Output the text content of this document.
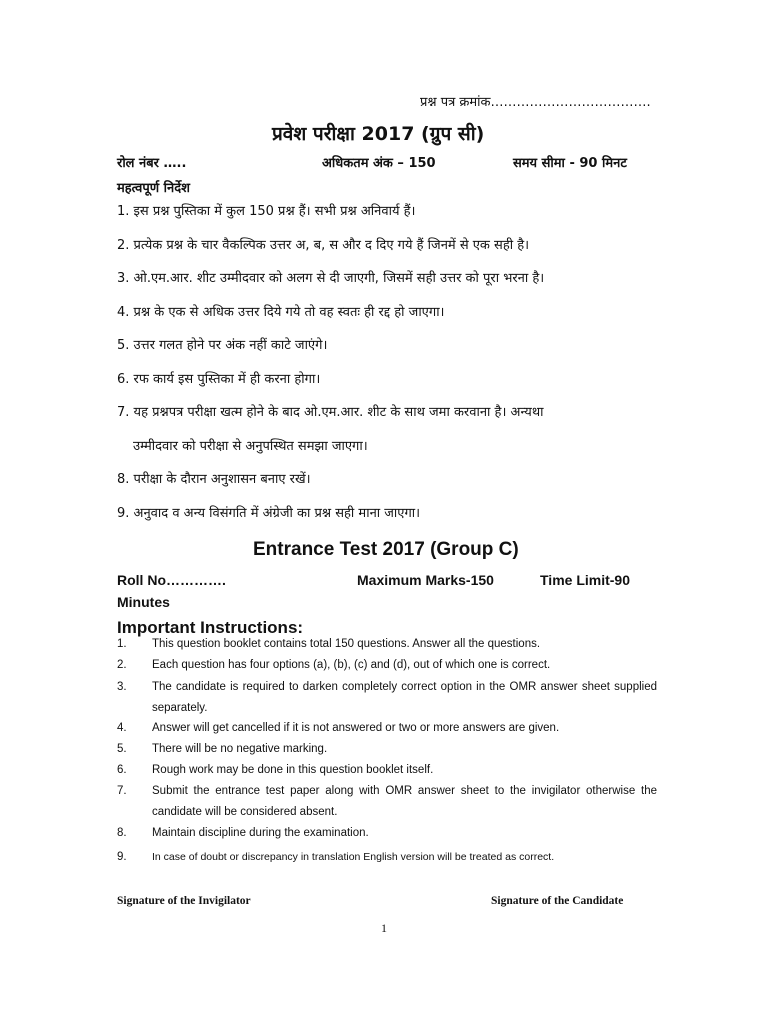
प्रश्न पत्र क्रमांक……………………………….
प्रवेश परीक्षा 2017 (ग्रुप सी)
रोल नंबर …..	अधिकतम अंक – 150	समय सीमा - 90 मिनट
महत्वपूर्ण निर्देश
1. इस प्रश्न पुस्तिका में कुल 150 प्रश्न हैं। सभी प्रश्न अनिवार्य हैं।
2. प्रत्येक प्रश्न के चार वैकल्पिक उत्तर अ, ब, स और द दिए गये हैं जिनमें से एक सही है।
3. ओ.एम.आर. शीट उम्मीदवार को अलग से दी जाएगी, जिसमें सही उत्तर को पूरा भरना है।
4. प्रश्न के एक से अधिक उत्तर दिये गये तो वह स्वतः ही रद्द हो जाएगा।
5. उत्तर गलत होने पर अंक नहीं काटे जाएंगे।
6. रफ कार्य इस पुस्तिका में ही करना होगा।
7. यह प्रश्नपत्र परीक्षा खत्म होने के बाद ओ.एम.आर. शीट के साथ जमा करवाना है। अन्यथा
उम्मीदवार को परीक्षा से अनुपस्थित समझा जाएगा।
8. परीक्षा के दौरान अनुशासन बनाए रखें।
9. अनुवाद व अन्य विसंगति में अंग्रेजी का प्रश्न सही माना जाएगा।
Entrance Test 2017 (Group C)
Roll No………….	Maximum Marks-150	Time Limit-90
Minutes
Important Instructions:
1.	This question booklet contains total 150 questions. Answer all the questions.
2.	Each question has four options (a), (b), (c) and (d), out of which one is correct.
3.	The candidate is required to darken completely correct option in the OMR answer sheet supplied separately.
4.	Answer will get cancelled if it is not answered or two or more answers are given.
5.	There will be no negative marking.
6.	Rough work may be done in this question booklet itself.
7.	Submit the entrance test paper along with OMR answer sheet to the invigilator otherwise the candidate will be considered absent.
8.	Maintain discipline during the examination.
9.	In case of doubt or discrepancy in translation English version will be treated as correct.
Signature of the Invigilator	Signature of the Candidate
1
